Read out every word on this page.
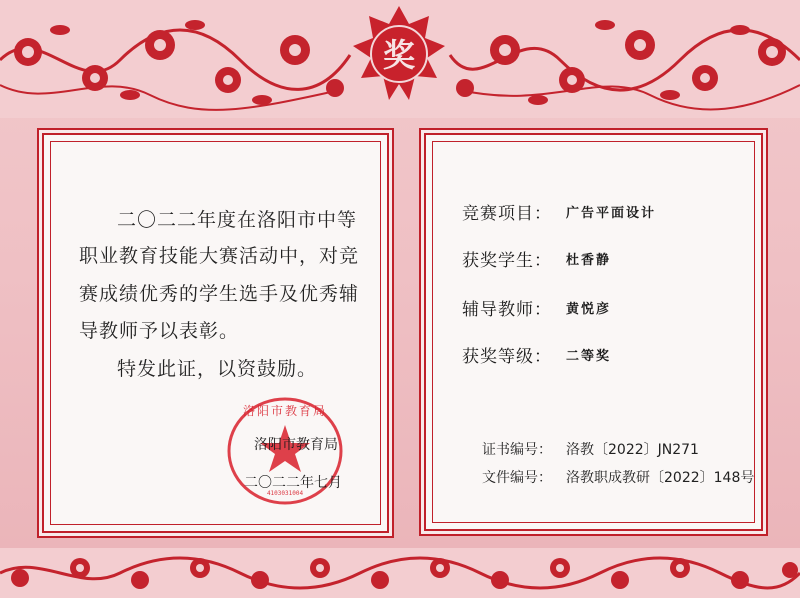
奖
二〇二二年度在洛阳市中等
职业教育技能大赛活动中，对竞
赛成绩优秀的学生选手及优秀辅
导教师予以表彰。
特发此证，以资鼓励。
洛阳市教育局
4103031004
洛阳市教育局
二〇二二年七月
竞赛项目： 广告平面设计
获奖学生： 杜香静
辅导教师： 黄悦彦
获奖等级： 二等奖
证书编号： 洛教〔2022〕JN271
文件编号： 洛教职成教研〔2022〕148号
